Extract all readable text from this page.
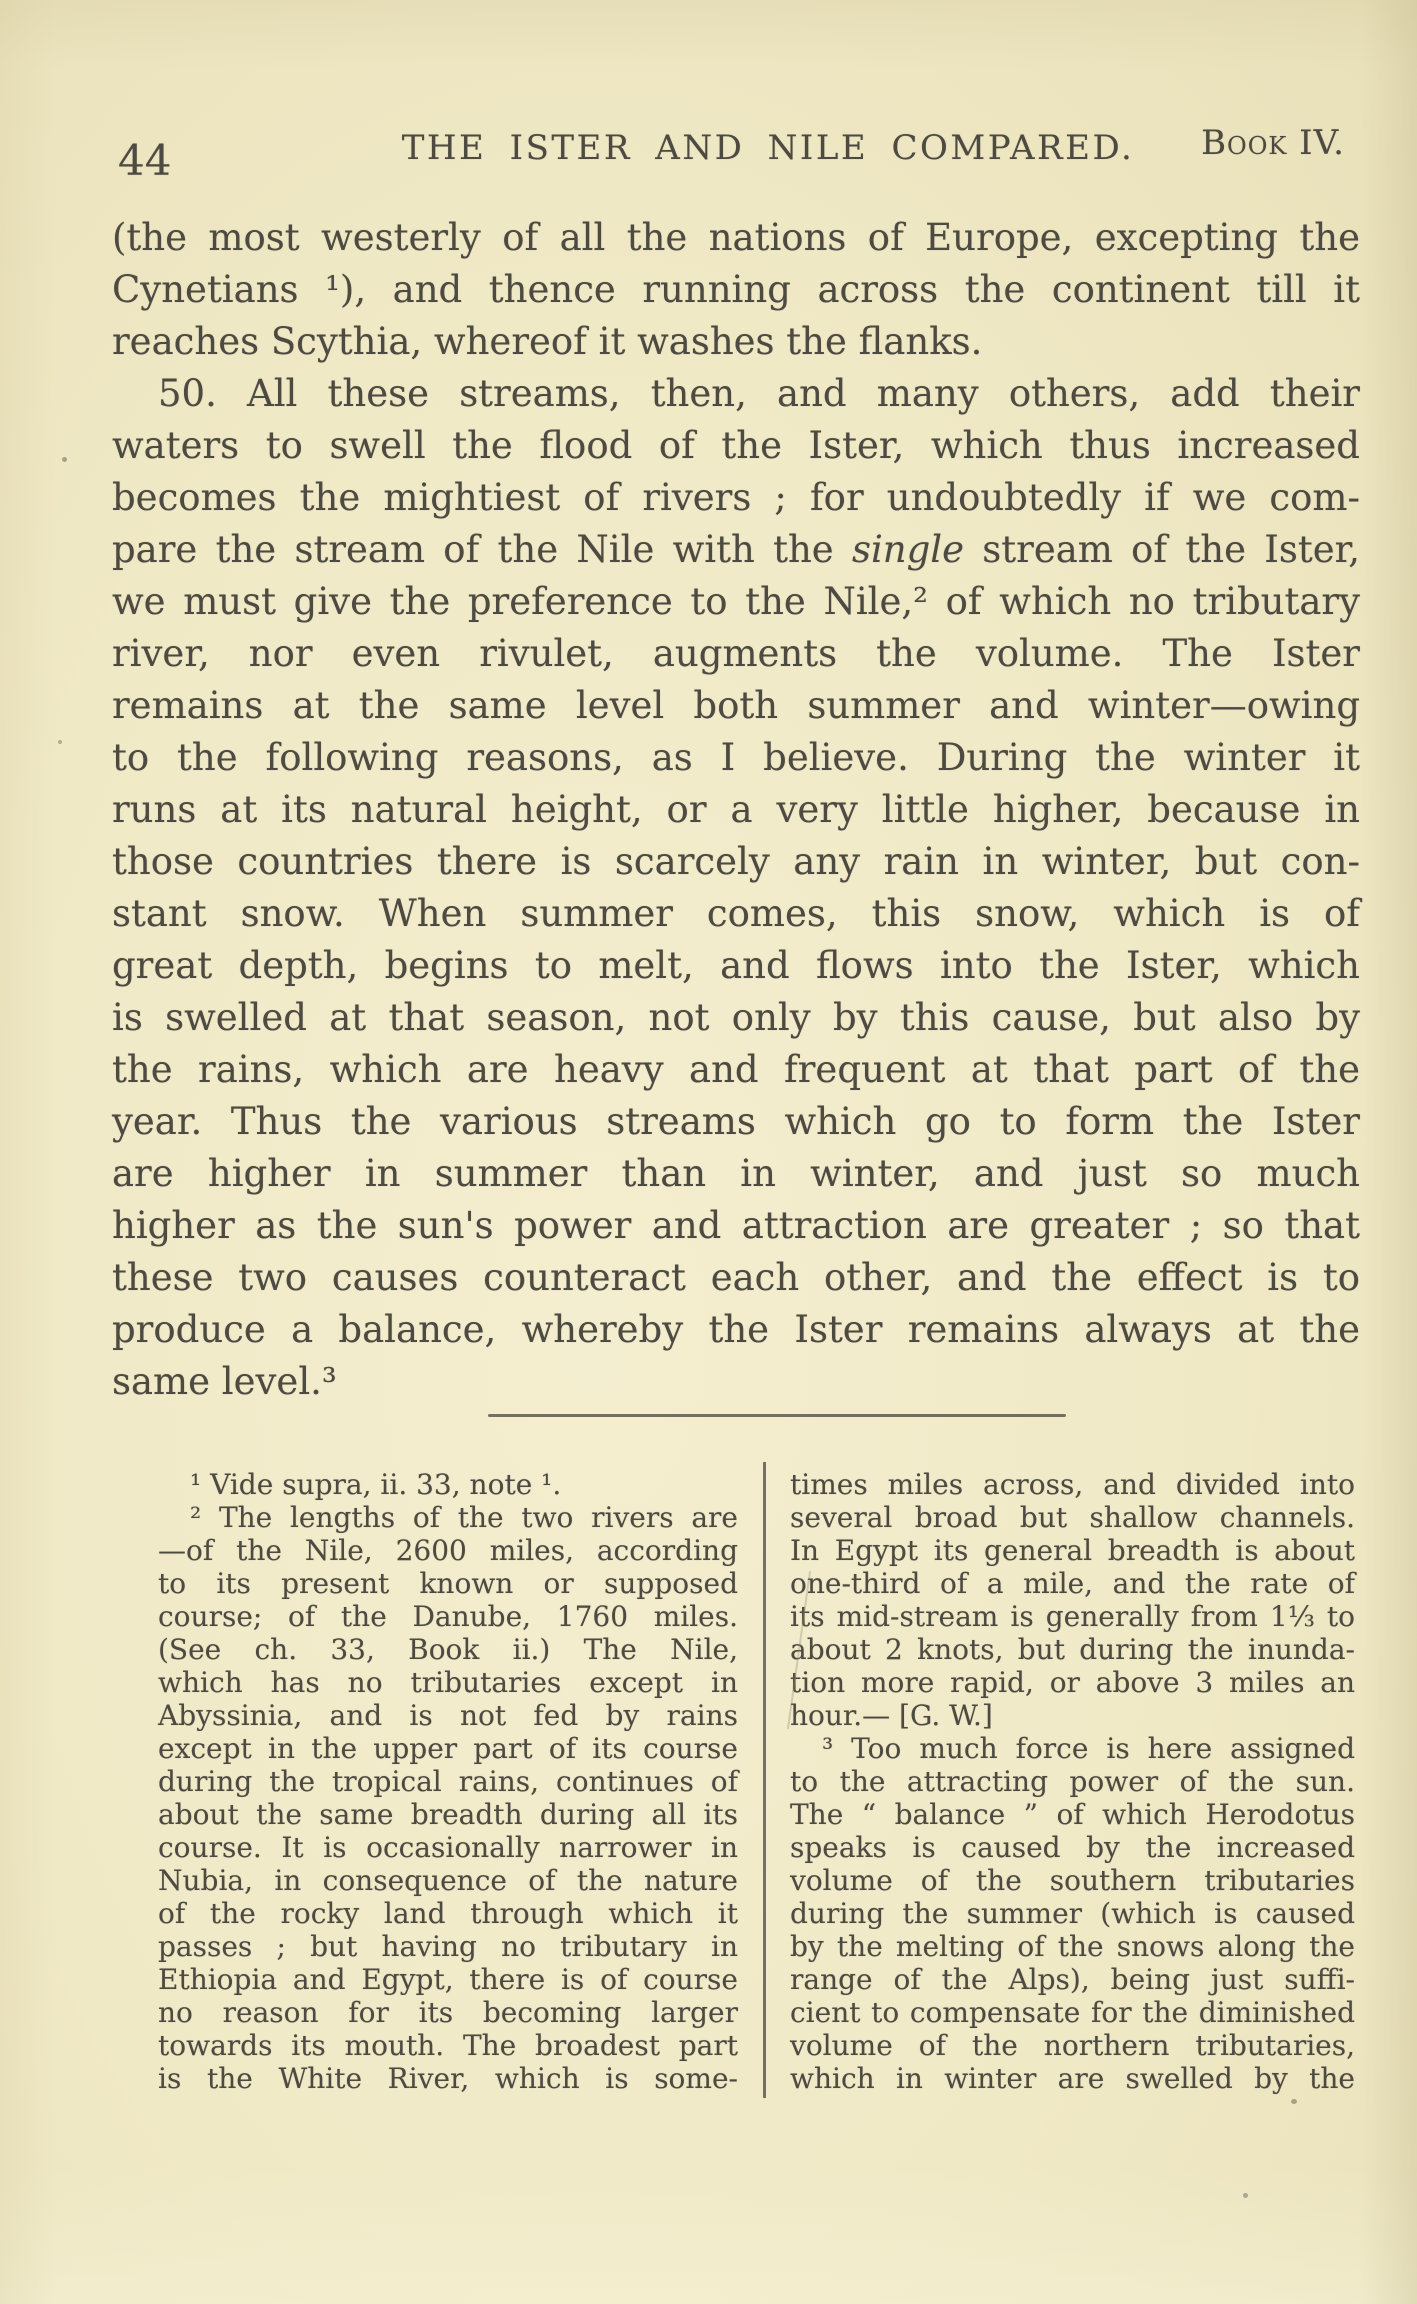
44	THE ISTER AND NILE COMPARED.	Book IV.
(the most westerly of all the nations of Europe, excepting the
Cynetians ¹), and thence running across the continent till it
reaches Scythia, whereof it washes the flanks.
50. All these streams, then, and many others, add their
waters to swell the flood of the Ister, which thus increased
becomes the mightiest of rivers ; for undoubtedly if we com-
pare the stream of the Nile with the single stream of the Ister,
we must give the preference to the Nile,² of which no tributary
river, nor even rivulet, augments the volume. The Ister
remains at the same level both summer and winter—owing
to the following reasons, as I believe. During the winter it
runs at its natural height, or a very little higher, because in
those countries there is scarcely any rain in winter, but con-
stant snow. When summer comes, this snow, which is of
great depth, begins to melt, and flows into the Ister, which
is swelled at that season, not only by this cause, but also by
the rains, which are heavy and frequent at that part of the
year. Thus the various streams which go to form the Ister
are higher in summer than in winter, and just so much
higher as the sun's power and attraction are greater ; so that
these two causes counteract each other, and the effect is to
produce a balance, whereby the Ister remains always at the
same level.³
¹ Vide supra, ii. 33, note ¹.
² The lengths of the two rivers are
—of the Nile, 2600 miles, according
to its present known or supposed
course; of the Danube, 1760 miles.
(See ch. 33, Book ii.) The Nile,
which has no tributaries except in
Abyssinia, and is not fed by rains
except in the upper part of its course
during the tropical rains, continues of
about the same breadth during all its
course. It is occasionally narrower in
Nubia, in consequence of the nature
of the rocky land through which it
passes ; but having no tributary in
Ethiopia and Egypt, there is of course
no reason for its becoming larger
towards its mouth. The broadest part
is the White River, which is some-
times miles across, and divided into
several broad but shallow channels.
In Egypt its general breadth is about
one-third of a mile, and the rate of
its mid-stream is generally from 1⅓ to
about 2 knots, but during the inunda-
tion more rapid, or above 3 miles an
hour.— [G. W.]
³ Too much force is here assigned
to the attracting power of the sun.
The “ balance ” of which Herodotus
speaks is caused by the increased
volume of the southern tributaries
during the summer (which is caused
by the melting of the snows along the
range of the Alps), being just suffi-
cient to compensate for the diminished
volume of the northern tributaries,
which in winter are swelled by the
